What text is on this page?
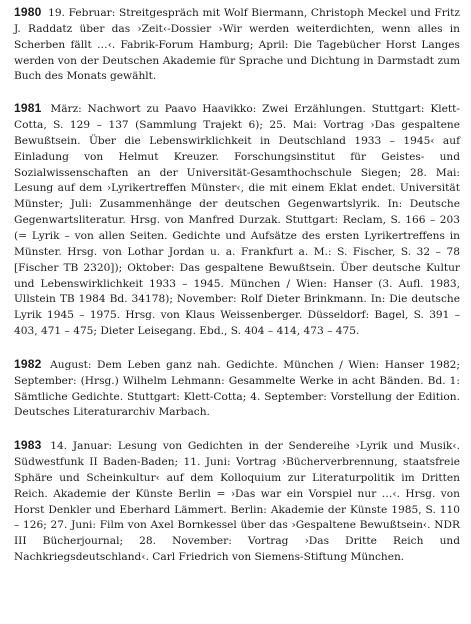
1980 19. Februar: Streitgespräch mit Wolf Biermann, Christoph Meckel und Fritz J. Raddatz über das ›Zeit‹-Dossier ›Wir werden weiterdichten, wenn alles in Scherben fällt …‹. Fabrik-Forum Hamburg; April: Die Tagebücher Horst Langes werden von der Deutschen Akademie für Sprache und Dichtung in Darmstadt zum Buch des Monats gewählt.

1981 März: Nachwort zu Paavo Haavikko: Zwei Erzählungen. Stuttgart: Klett-Cotta, S. 129 – 137 (Sammlung Trajekt 6); 25. Mai: Vortrag ›Das gespaltene Bewußtsein. Über die Lebenswirklichkeit in Deutschland 1933 – 1945‹ auf Einladung von Helmut Kreuzer. Forschungsinstitut für Geistes- und Sozialwissenschaften an der Universität-Gesamthochschule Siegen; 28. Mai: Lesung auf dem ›Lyrikertreffen Münster‹, die mit einem Eklat endet. Universität Münster; Juli: Zusammenhänge der deutschen Gegenwartslyrik. In: Deutsche Gegenwartsliteratur. Hrsg. von Manfred Durzak. Stuttgart: Reclam, S. 166 – 203 (= Lyrik – von allen Seiten. Gedichte und Aufsätze des ersten Lyrikertreffens in Münster. Hrsg. von Lothar Jordan u. a. Frankfurt a. M.: S. Fischer, S. 32 – 78 [Fischer TB 2320]); Oktober: Das gespaltene Bewußtsein. Über deutsche Kultur und Lebenswirklichkeit 1933 – 1945. München / Wien: Hanser (3. Aufl. 1983, Ullstein TB 1984 Bd. 34178); November: Rolf Dieter Brinkmann. In: Die deutsche Lyrik 1945 – 1975. Hrsg. von Klaus Weissenberger. Düsseldorf: Bagel, S. 391 – 403, 471 – 475; Dieter Leisegang. Ebd., S. 404 – 414, 473 – 475.

1982 August: Dem Leben ganz nah. Gedichte. München / Wien: Hanser 1982; September: (Hrsg.) Wilhelm Lehmann: Gesammelte Werke in acht Bänden. Bd. 1: Sämtliche Gedichte. Stuttgart: Klett-Cotta; 4. September: Vorstellung der Edition. Deutsches Literaturarchiv Marbach.

1983 14. Januar: Lesung von Gedichten in der Sendereihe ›Lyrik und Musik‹. Südwestfunk II Baden-Baden; 11. Juni: Vortrag ›Bücherverbrennung, staatsfreie Sphäre und Scheinkultur‹ auf dem Kolloquium zur Literaturpolitik im Dritten Reich. Akademie der Künste Berlin = ›Das war ein Vorspiel nur …‹. Hrsg. von Horst Denkler und Eberhard Lämmert. Berlin: Akademie der Künste 1985, S. 110 – 126; 27. Juni: Film von Axel Bornkessel über das ›Gespaltene Bewußtsein‹. NDR III Bücherjournal; 28. November: Vortrag ›Das Dritte Reich und Nachkriegsdeutschland‹. Carl Friedrich von Siemens-Stiftung München.
